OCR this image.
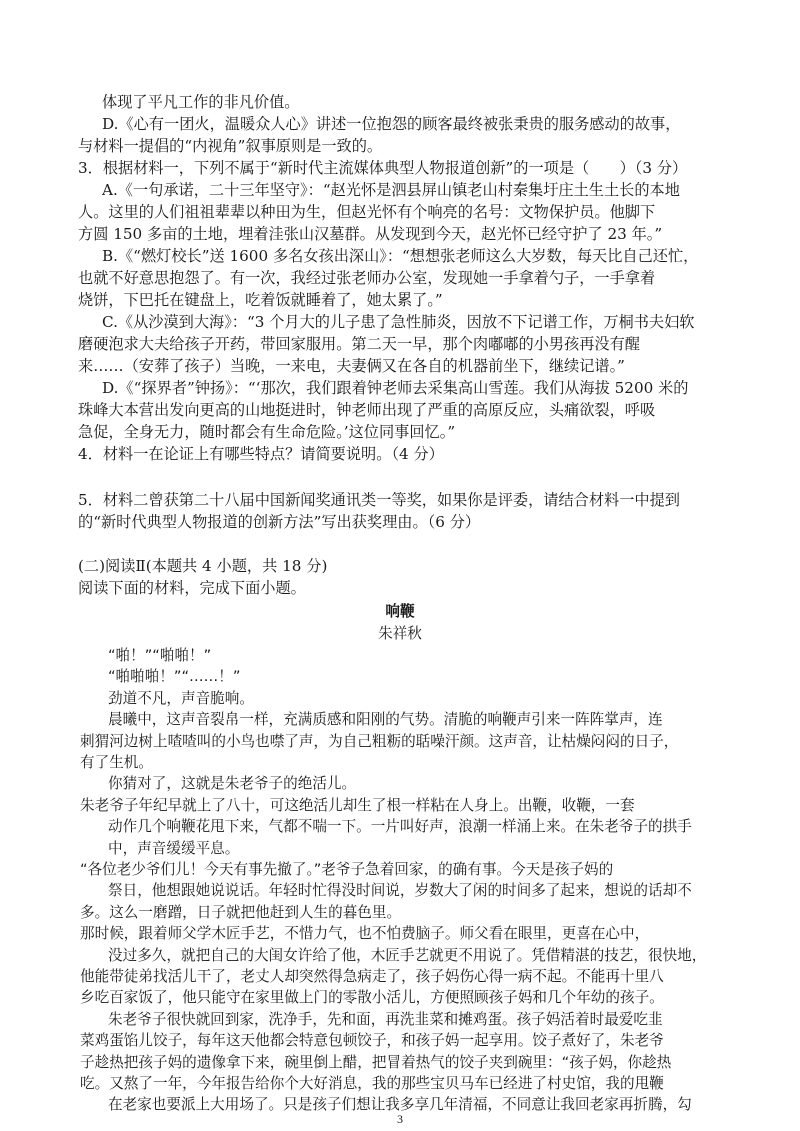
体现了平凡工作的非凡价值。
D.《心有一团火，温暖众人心》讲述一位抱怨的顾客最终被张秉贵的服务感动的故事，
与材料一提倡的“内视角”叙事原则是一致的。
3．根据材料一，下列不属于“新时代主流媒体典型人物报道创新”的一项是（　　）（3 分）
A.《一句承诺，二十三年坚守》：“赵光怀是泗县屏山镇老山村秦集圩庄土生土长的本地
人。这里的人们祖祖辈辈以种田为生，但赵光怀有个响亮的名号：文物保护员。他脚下
方圆 150 多亩的土地，埋着洼张山汉墓群。从发现到今天，赵光怀已经守护了 23 年。”
B.《“燃灯校长”送 1600 多名女孩出深山》：“想想张老师这么大岁数，每天比自己还忙，
也就不好意思抱怨了。有一次，我经过张老师办公室，发现她一手拿着勺子，一手拿着
烧饼，下巴托在键盘上，吃着饭就睡着了，她太累了。”
C.《从沙漠到大海》：“3 个月大的儿子患了急性肺炎，因放不下记谱工作，万桐书夫妇软
磨硬泡求大夫给孩子开药，带回家服用。第二天一早，那个肉嘟嘟的小男孩再没有醒
来……（安葬了孩子）当晚，一来电，夫妻俩又在各自的机器前坐下，继续记谱。”
D.《“探界者”钟扬》：“‘那次，我们跟着钟老师去采集高山雪莲。我们从海拔 5200 米的
珠峰大本营出发向更高的山地挺进时，钟老师出现了严重的高原反应，头痛欲裂，呼吸
急促，全身无力，随时都会有生命危险。’这位同事回忆。”
4．材料一在论证上有哪些特点？请简要说明。（4 分）
5．材料二曾获第二十八届中国新闻奖通讯类一等奖，如果你是评委，请结合材料一中提到
的“新时代典型人物报道的创新方法”写出获奖理由。（6 分）
(二)阅读Ⅱ(本题共 4 小题，共 18 分)
阅读下面的材料，完成下面小题。
响鞭
朱祥秋
“啪！”“啪啪！”
“啪啪啪！”“……！”
劲道不凡，声音脆响。
晨曦中，这声音裂帛一样，充满质感和阳刚的气势。清脆的响鞭声引来一阵阵掌声，连
刺猬河边树上喳喳叫的小鸟也噤了声，为自己粗粝的聒噪汗颜。这声音，让枯燥闷闷的日子，
有了生机。
你猜对了，这就是朱老爷子的绝活儿。
朱老爷子年纪早就上了八十，可这绝活儿却生了根一样粘在人身上。出鞭，收鞭，一套
动作几个响鞭花甩下来，气都不喘一下。一片叫好声，浪潮一样涌上来。在朱老爷子的拱手
中，声音缓缓平息。
“各位老少爷们儿！今天有事先撤了。”老爷子急着回家，的确有事。今天是孩子妈的
祭日，他想跟她说说话。年轻时忙得没时间说，岁数大了闲的时间多了起来，想说的话却不
多。这么一磨蹭，日子就把他赶到人生的暮色里。
那时候，跟着师父学木匠手艺，不惜力气，也不怕费脑子。师父看在眼里，更喜在心中，
没过多久，就把自己的大闺女许给了他，木匠手艺就更不用说了。凭借精湛的技艺，很快地，
他能带徒弟找活儿干了，老丈人却突然得急病走了，孩子妈伤心得一病不起。不能再十里八
乡吃百家饭了，他只能守在家里做上门的零散小活儿，方便照顾孩子妈和几个年幼的孩子。
朱老爷子很快就回到家，洗净手，先和面，再洗韭菜和摊鸡蛋。孩子妈活着时最爱吃韭
菜鸡蛋馅儿饺子，每年这天他都会特意包顿饺子，和孩子妈一起享用。饺子煮好了，朱老爷
子趁热把孩子妈的遗像拿下来，碗里倒上醋，把冒着热气的饺子夹到碗里：“孩子妈，你趁热
吃。又熬了一年，今年报告给你个大好消息，我的那些宝贝马车已经进了村史馆，我的甩鞭
在老家也要派上大用场了。只是孩子们想让我多享几年清福，不同意让我回老家再折腾，勾
3
